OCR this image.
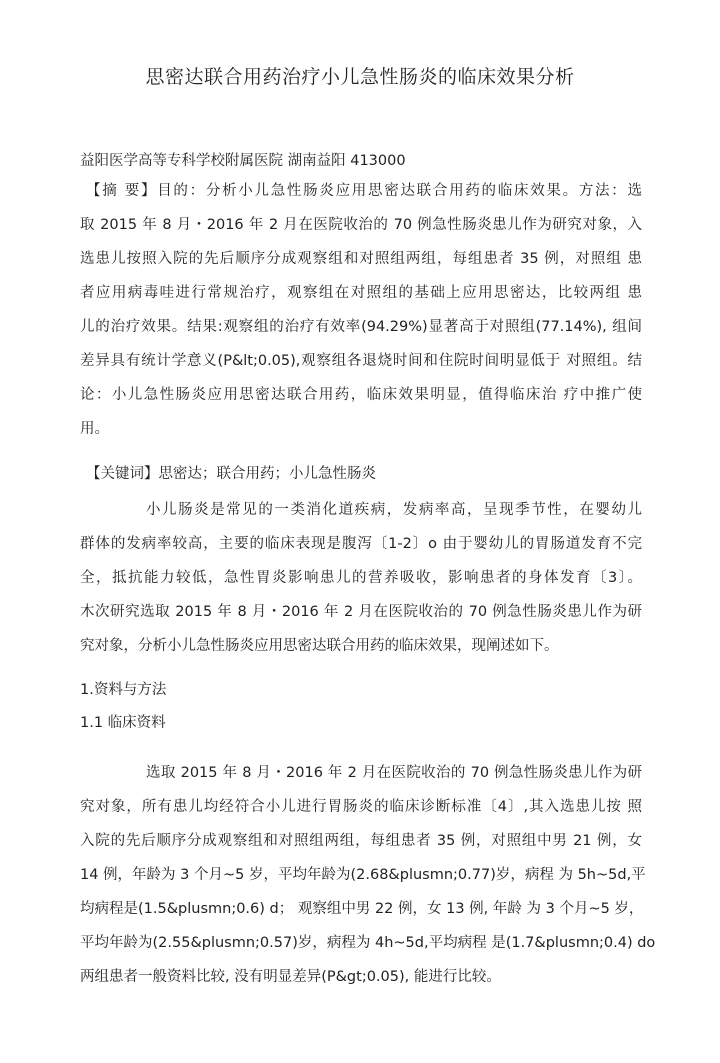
思密达联合用药治疗小儿急性肠炎的临床效果分析
益阳医学高等专科学校附属医院 湖南益阳 413000
【摘 要】目的：分析小儿急性肠炎应用思密达联合用药的临床效果。方法：选
取 2015 年 8 月・2016 年 2 月在医院收治的 70 例急性肠炎患儿作为研究对象，入
选患儿按照入院的先后顺序分成观察组和对照组两组，每组患者 35 例，对照组 患
者应用病毒哇进行常规治疗，观察组在对照组的基础上应用思密达，比较两组 患
儿的治疗效果。结果:观察组的治疗有效率(94.29%)显著高于对照组(77.14%), 组间
差异具有统计学意义(P&lt;0.05),观察组各退烧时间和住院时间明显低于 对照组。结
论：小儿急性肠炎应用思密达联合用药，临床效果明显，值得临床治 疗中推广使
用。
【关键词】思密达；联合用药；小儿急性肠炎
小儿肠炎是常见的一类消化道疾病，发病率高，呈现季节性，在婴幼儿
群体的发病率较高，主要的临床表现是腹泻〔1-2〕o 由于婴幼儿的胃肠道发育不完
全，抵抗能力较低，急性胃炎影响患儿的营养吸收，影响患者的身体发育〔3〕。
木次研究选取 2015 年 8 月・2016 年 2 月在医院收治的 70 例急性肠炎患儿作为研
究对象，分析小儿急性肠炎应用思密达联合用药的临床效果，现阐述如下。
1.资料与方法
1.1 临床资料
选取 2015 年 8 月・2016 年 2 月在医院收治的 70 例急性肠炎患儿作为研
究对象，所有患儿均经符合小儿进行胃肠炎的临床诊断标准〔4〕,其入选患儿按 照
入院的先后顺序分成观察组和对照组两组，每组患者 35 例，对照组中男 21 例，女
14 例，年龄为 3 个月~5 岁，平均年龄为(2.68&plusmn;0.77)岁，病程 为 5h~5d,平
均病程是(1.5&plusmn;0.6) d； 观察组中男 22 例，女 13 例, 年龄 为 3 个月~5 岁，
平均年龄为(2.55&plusmn;0.57)岁，病程为 4h~5d,平均病程 是(1.7&plusmn;0.4) do
两组患者一般资料比较, 没有明显差异(P&gt;0.05), 能进行比较。
